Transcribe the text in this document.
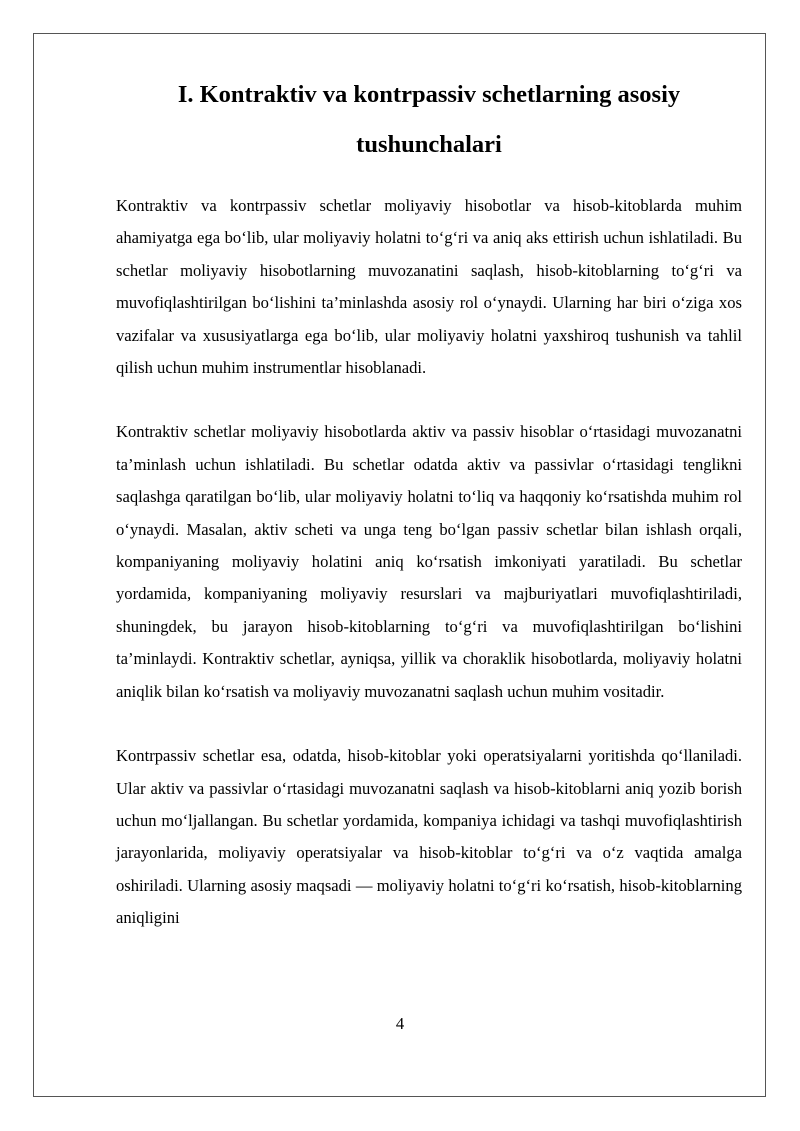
I. Kontraktiv va kontrpassiv schetlarning asosiy tushunchalari

Kontraktiv va kontrpassiv schetlar moliyaviy hisobotlar va hisob-kitoblarda muhim ahamiyatga ega bo‘lib, ular moliyaviy holatni to‘g‘ri va aniq aks ettirish uchun ishlatiladi. Bu schetlar moliyaviy hisobotlarning muvozanatini saqlash, hisob-kitoblarning to‘g‘ri va muvofiqlashtirilgan bo‘lishini ta’minlashda asosiy rol o‘ynaydi. Ularning har biri o‘ziga xos vazifalar va xususiyatlarga ega bo‘lib, ular moliyaviy holatni yaxshiroq tushunish va tahlil qilish uchun muhim instrumentlar hisoblanadi.

Kontraktiv schetlar moliyaviy hisobotlarda aktiv va passiv hisoblar o‘rtasidagi muvozanatni ta’minlash uchun ishlatiladi. Bu schetlar odatda aktiv va passivlar o‘rtasidagi tenglikni saqlashga qaratilgan bo‘lib, ular moliyaviy holatni to‘liq va haqqoniy ko‘rsatishda muhim rol o‘ynaydi. Masalan, aktiv scheti va unga teng bo‘lgan passiv schetlar bilan ishlash orqali, kompaniyaning moliyaviy holatini aniq ko‘rsatish imkoniyati yaratiladi. Bu schetlar yordamida, kompaniyaning moliyaviy resurslari va majburiyatlari muvofiqlashtiriladi, shuningdek, bu jarayon hisob-kitoblarning to‘g‘ri va muvofiqlashtirilgan bo‘lishini ta’minlaydi. Kontraktiv schetlar, ayniqsa, yillik va choraklik hisobotlarda, moliyaviy holatni aniqlik bilan ko‘rsatish va moliyaviy muvozanatni saqlash uchun muhim vositadir.

Kontrpassiv schetlar esa, odatda, hisob-kitoblar yoki operatsiyalarni yoritishda qo‘llaniladi. Ular aktiv va passivlar o‘rtasidagi muvozanatni saqlash va hisob-kitoblarni aniq yozib borish uchun mo‘ljallangan. Bu schetlar yordamida, kompaniya ichidagi va tashqi muvofiqlashtirish jarayonlarida, moliyaviy operatsiyalar va hisob-kitoblar to‘g‘ri va o‘z vaqtida amalga oshiriladi. Ularning asosiy maqsadi — moliyaviy holatni to‘g‘ri ko‘rsatish, hisob-kitoblarning aniqligini

4
